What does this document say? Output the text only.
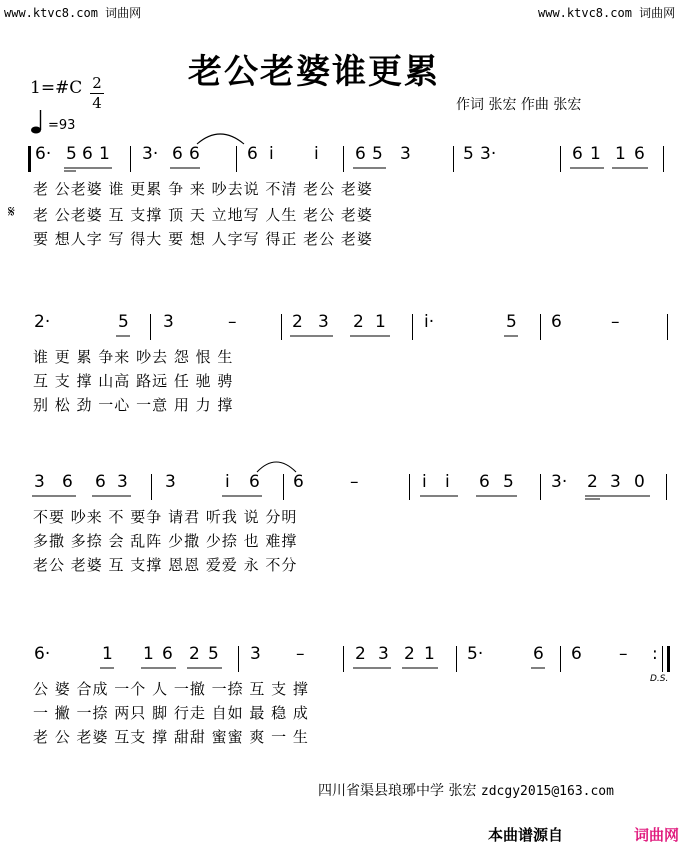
www.ktvc8.com 词曲网	www.ktvc8.com 词曲网
老公老婆谁更累
1=#C 2
4
=93
作词 张宏 作曲 张宏
6· 5 6 1 3· 6 6	6 i i 6 5 3	5 3·	6 1 1 6
𝄋
老 公老婆 谁 更累 争 来 吵去说 不清 老公 老婆
老 公老婆 互 支撑 顶 天 立地写 人生 老公 老婆
要 想人字 写 得大 要 想 人字写 得正 老公 老婆
2·	5 3	–	2 3 2 1 i·	5 6	–
谁 更 累 争来 吵去 怨 恨 生
互 支 撑 山高 路远 任 驰 骋
别 松 劲 一心 一意 用 力 撑
3 6 6 3 3	i 6 6	–	i i 6 5 3· 2 3 0
不要 吵来 不 要争 请君 听我 说 分明
多撒 多捺 会 乱阵 少撒 少捺 也 难撑
老公 老婆 互 支撑 恩恩 爱爱 永 不分
6·	1 1 6 2 5 3 –	2 3 2 1 5·	6 6 – :
D.S.
公 婆 合成 一个 人 一撤 一捺 互 支 撑
一 撇 一捺 两只 脚 行走 自如 最 稳 成
老 公 老婆 互支 撑 甜甜 蜜蜜 爽 一 生
四川省渠县琅琊中学 张宏 zdcgy2015@163.com
本曲谱源自	词曲网
